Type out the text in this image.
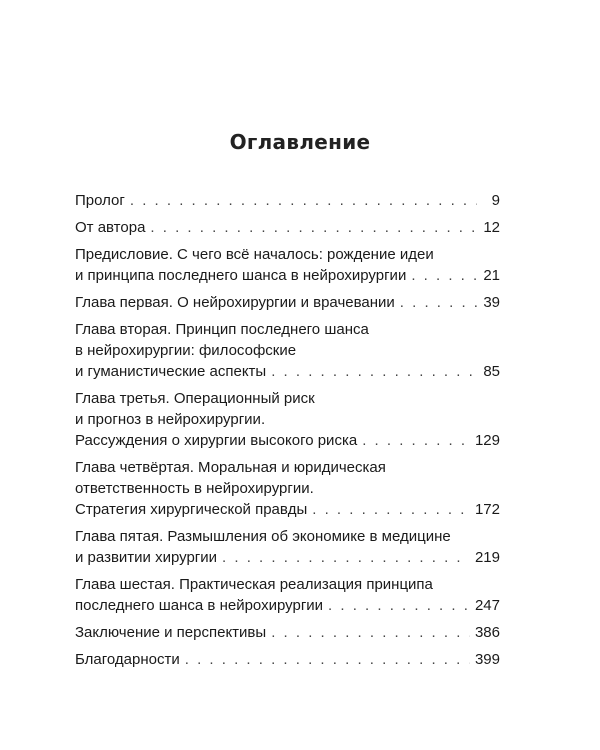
Оглавление
Пролог . . .	9
От автора . . .	12
Предисловие. С чего всё началось: рождение идеи
и принципа последнего шанса в нейрохирургии . . .	21
Глава первая. О нейрохирургии и врачевании . . .	39
Глава вторая. Принцип последнего шанса
в нейрохирургии: философские
и гуманистические аспекты . . .	85
Глава третья. Операционный риск
и прогноз в нейрохирургии.
Рассуждения о хирургии высокого риска . . .	129
Глава четвёртая. Моральная и юридическая
ответственность в нейрохирургии.
Стратегия хирургической правды . . .	172
Глава пятая. Размышления об экономике в медицине
и развитии хирургии . . .	219
Глава шестая. Практическая реализация принципа
последнего шанса в нейрохирургии . . .	247
Заключение и перспективы . . .	386
Благодарности . . .	399
